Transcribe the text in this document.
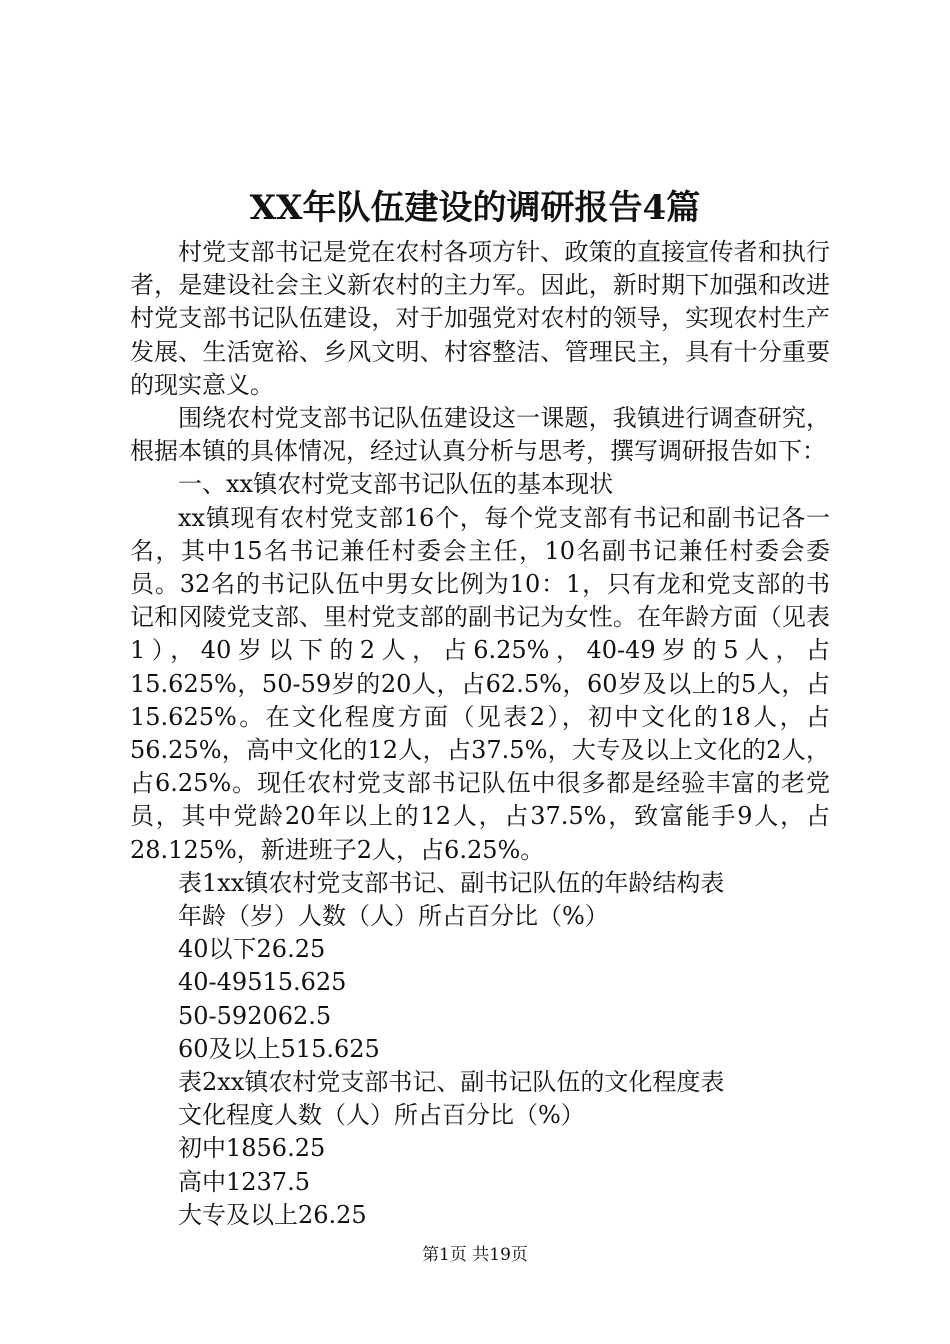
XX年队伍建设的调研报告4篇

村党支部书记是党在农村各项方针、政策的直接宣传者和执行者，是建设社会主义新农村的主力军。因此，新时期下加强和改进村党支部书记队伍建设，对于加强党对农村的领导，实现农村生产发展、生活宽裕、乡风文明、村容整洁、管理民主，具有十分重要的现实意义。

围绕农村党支部书记队伍建设这一课题，我镇进行调查研究，根据本镇的具体情况，经过认真分析与思考，撰写调研报告如下：

一、xx镇农村党支部书记队伍的基本现状

xx镇现有农村党支部16个，每个党支部有书记和副书记各一名，其中15名书记兼任村委会主任，10名副书记兼任村委会委员。32名的书记队伍中男女比例为10：1，只有龙和党支部的书记和冈陵党支部、里村党支部的副书记为女性。在年龄方面（见表1），40岁以下的2人，占6.25%，40-49岁的5人，占15.625%，50-59岁的20人，占62.5%，60岁及以上的5人，占15.625%。在文化程度方面（见表2），初中文化的18人，占56.25%，高中文化的12人，占37.5%，大专及以上文化的2人，占6.25%。现任农村党支部书记队伍中很多都是经验丰富的老党员，其中党龄20年以上的12人，占37.5%，致富能手9人，占28.125%，新进班子2人，占6.25%。

表1xx镇农村党支部书记、副书记队伍的年龄结构表

年龄（岁）人数（人）所占百分比（%）

40以下26.25

40-49515.625

50-592062.5

60及以上515.625

表2xx镇农村党支部书记、副书记队伍的文化程度表

文化程度人数（人）所占百分比（%）

初中1856.25

高中1237.5

大专及以上26.25

第1页 共19页
